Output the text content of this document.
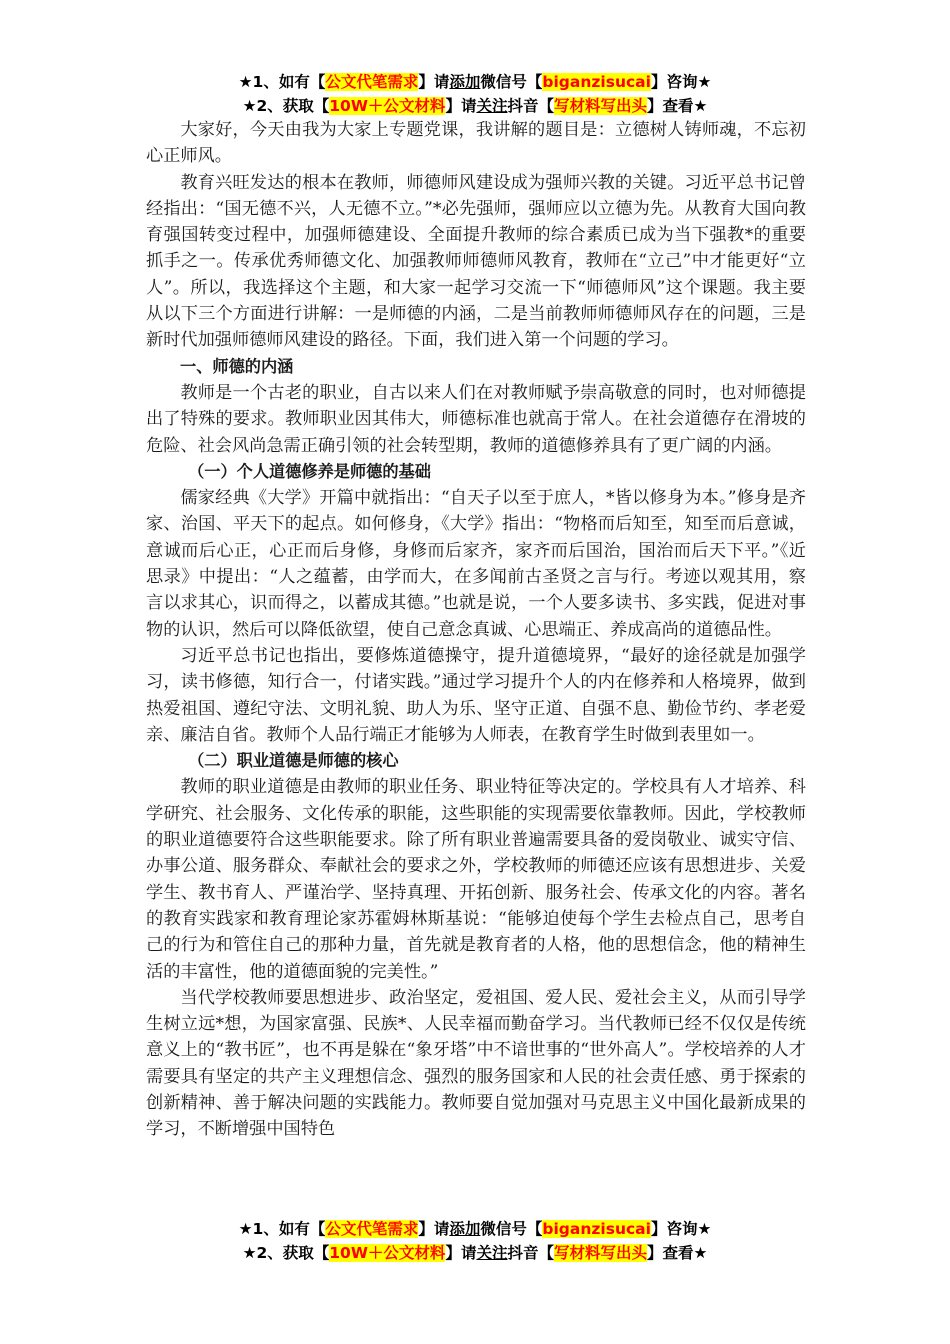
★1、如有【公文代笔需求】请添加微信号【biganzisucai】咨询★
★2、获取【10W＋公文材料】请关注抖音【写材料写出头】查看★

大家好，今天由我为大家上专题党课，我讲解的题目是：立德树人铸师魂，不忘初心正师风。

教育兴旺发达的根本在教师，师德师风建设成为强师兴教的关键。习近平总书记曾经指出：“国无德不兴，人无德不立。”*必先强师，强师应以立德为先。从教育大国向教育强国转变过程中，加强师德建设、全面提升教师的综合素质已成为当下强教*的重要抓手之一。传承优秀师德文化、加强教师师德师风教育，教师在“立己”中才能更好“立人”。所以，我选择这个主题，和大家一起学习交流一下“师德师风”这个课题。我主要从以下三个方面进行讲解：一是师德的内涵，二是当前教师师德师风存在的问题，三是新时代加强师德师风建设的路径。下面，我们进入第一个问题的学习。

一、师德的内涵

教师是一个古老的职业，自古以来人们在对教师赋予崇高敬意的同时，也对师德提出了特殊的要求。教师职业因其伟大，师德标准也就高于常人。在社会道德存在滑坡的危险、社会风尚急需正确引领的社会转型期，教师的道德修养具有了更广阔的内涵。

（一）个人道德修养是师德的基础

儒家经典《大学》开篇中就指出：“自天子以至于庶人，*皆以修身为本。”修身是齐家、治国、平天下的起点。如何修身，《大学》指出：“物格而后知至，知至而后意诚，意诚而后心正，心正而后身修，身修而后家齐，家齐而后国治，国治而后天下平。”《近思录》中提出：“人之蕴蓄，由学而大，在多闻前古圣贤之言与行。考迹以观其用，察言以求其心，识而得之，以蓄成其德。”也就是说，一个人要多读书、多实践，促进对事物的认识，然后可以降低欲望，使自己意念真诚、心思端正、养成高尚的道德品性。

习近平总书记也指出，要修炼道德操守，提升道德境界，“最好的途径就是加强学习，读书修德，知行合一，付诸实践。”通过学习提升个人的内在修养和人格境界，做到热爱祖国、遵纪守法、文明礼貌、助人为乐、坚守正道、自强不息、勤俭节约、孝老爱亲、廉洁自省。教师个人品行端正才能够为人师表，在教育学生时做到表里如一。

（二）职业道德是师德的核心

教师的职业道德是由教师的职业任务、职业特征等决定的。学校具有人才培养、科学研究、社会服务、文化传承的职能，这些职能的实现需要依靠教师。因此，学校教师的职业道德要符合这些职能要求。除了所有职业普遍需要具备的爱岗敬业、诚实守信、办事公道、服务群众、奉献社会的要求之外，学校教师的师德还应该有思想进步、关爱学生、教书育人、严谨治学、坚持真理、开拓创新、服务社会、传承文化的内容。著名的教育实践家和教育理论家苏霍姆林斯基说：“能够迫使每个学生去检点自己，思考自己的行为和管住自己的那种力量，首先就是教育者的人格，他的思想信念，他的精神生活的丰富性，他的道德面貌的完美性。”

当代学校教师要思想进步、政治坚定，爱祖国、爱人民、爱社会主义，从而引导学生树立远*想，为国家富强、民族*、人民幸福而勤奋学习。当代教师已经不仅仅是传统意义上的“教书匠”，也不再是躲在“象牙塔”中不谙世事的“世外高人”。学校培养的人才需要具有坚定的共产主义理想信念、强烈的服务国家和人民的社会责任感、勇于探索的创新精神、善于解决问题的实践能力。教师要自觉加强对马克思主义中国化最新成果的学习，不断增强中国特色

★1、如有【公文代笔需求】请添加微信号【biganzisucai】咨询★
★2、获取【10W＋公文材料】请关注抖音【写材料写出头】查看★
